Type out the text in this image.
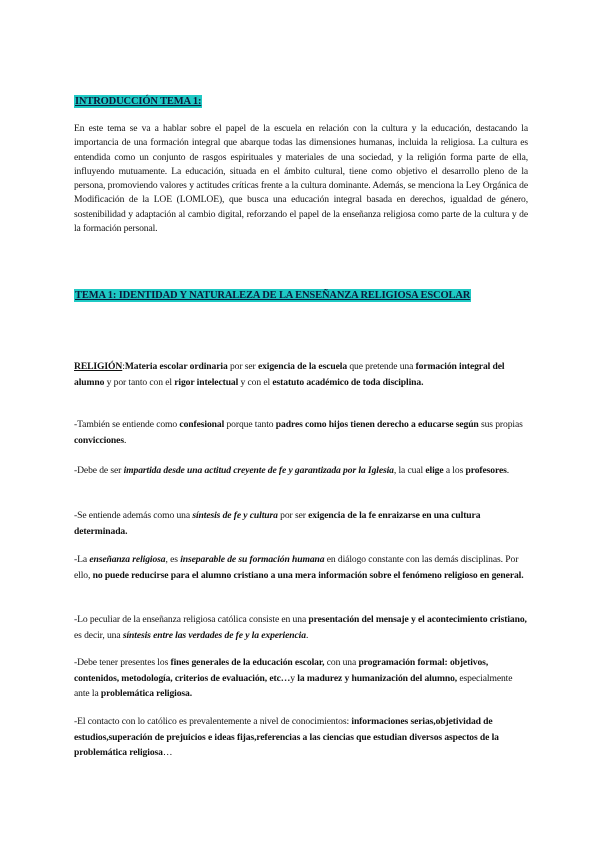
INTRODUCCIÓN TEMA 1:

En este tema se va a hablar sobre el papel de la escuela en relación con la cultura y la educación, destacando la importancia de una formación integral que abarque todas las dimensiones humanas, incluida la religiosa. La cultura es entendida como un conjunto de rasgos espirituales y materiales de una sociedad, y la religión forma parte de ella, influyendo mutuamente. La educación, situada en el ámbito cultural, tiene como objetivo el desarrollo pleno de la persona, promoviendo valores y actitudes críticas frente a la cultura dominante. Además, se menciona la Ley Orgánica de Modificación de la LOE (LOMLOE), que busca una educación integral basada en derechos, igualdad de género, sostenibilidad y adaptación al cambio digital, reforzando el papel de la enseñanza religiosa como parte de la cultura y de la formación personal.

TEMA 1: IDENTIDAD Y NATURALEZA DE LA ENSEÑANZA RELIGIOSA ESCOLAR

RELIGIÓN:Materia escolar ordinaria por ser exigencia de la escuela que pretende una formación integral del alumno y por tanto con el rigor intelectual y con el estatuto académico de toda disciplina.

-También se entiende como confesional porque tanto padres como hijos tienen derecho a educarse según sus propias convicciones.

-Debe de ser impartida desde una actitud creyente de fe y garantizada por la Iglesia, la cual elige a los profesores.

-Se entiende además como una síntesis de fe y cultura por ser exigencia de la fe enraizarse en una cultura determinada.

-La enseñanza religiosa, es inseparable de su formación humana en diálogo constante con las demás disciplinas. Por ello, no puede reducirse para el alumno cristiano a una mera información sobre el fenómeno religioso en general.

-Lo peculiar de la enseñanza religiosa católica consiste en una presentación del mensaje y el acontecimiento cristiano, es decir, una síntesis entre las verdades de fe y la experiencia.

-Debe tener presentes los fines generales de la educación escolar, con una programación formal: objetivos, contenidos, metodología, criterios de evaluación, etc…y la madurez y humanización del alumno, especialmente ante la problemática religiosa.

-El contacto con lo católico es prevalentemente a nivel de conocimientos: informaciones serias,objetividad de estudios,superación de prejuicios e ideas fijas,referencias a las ciencias que estudian diversos aspectos de la problemática religiosa…
